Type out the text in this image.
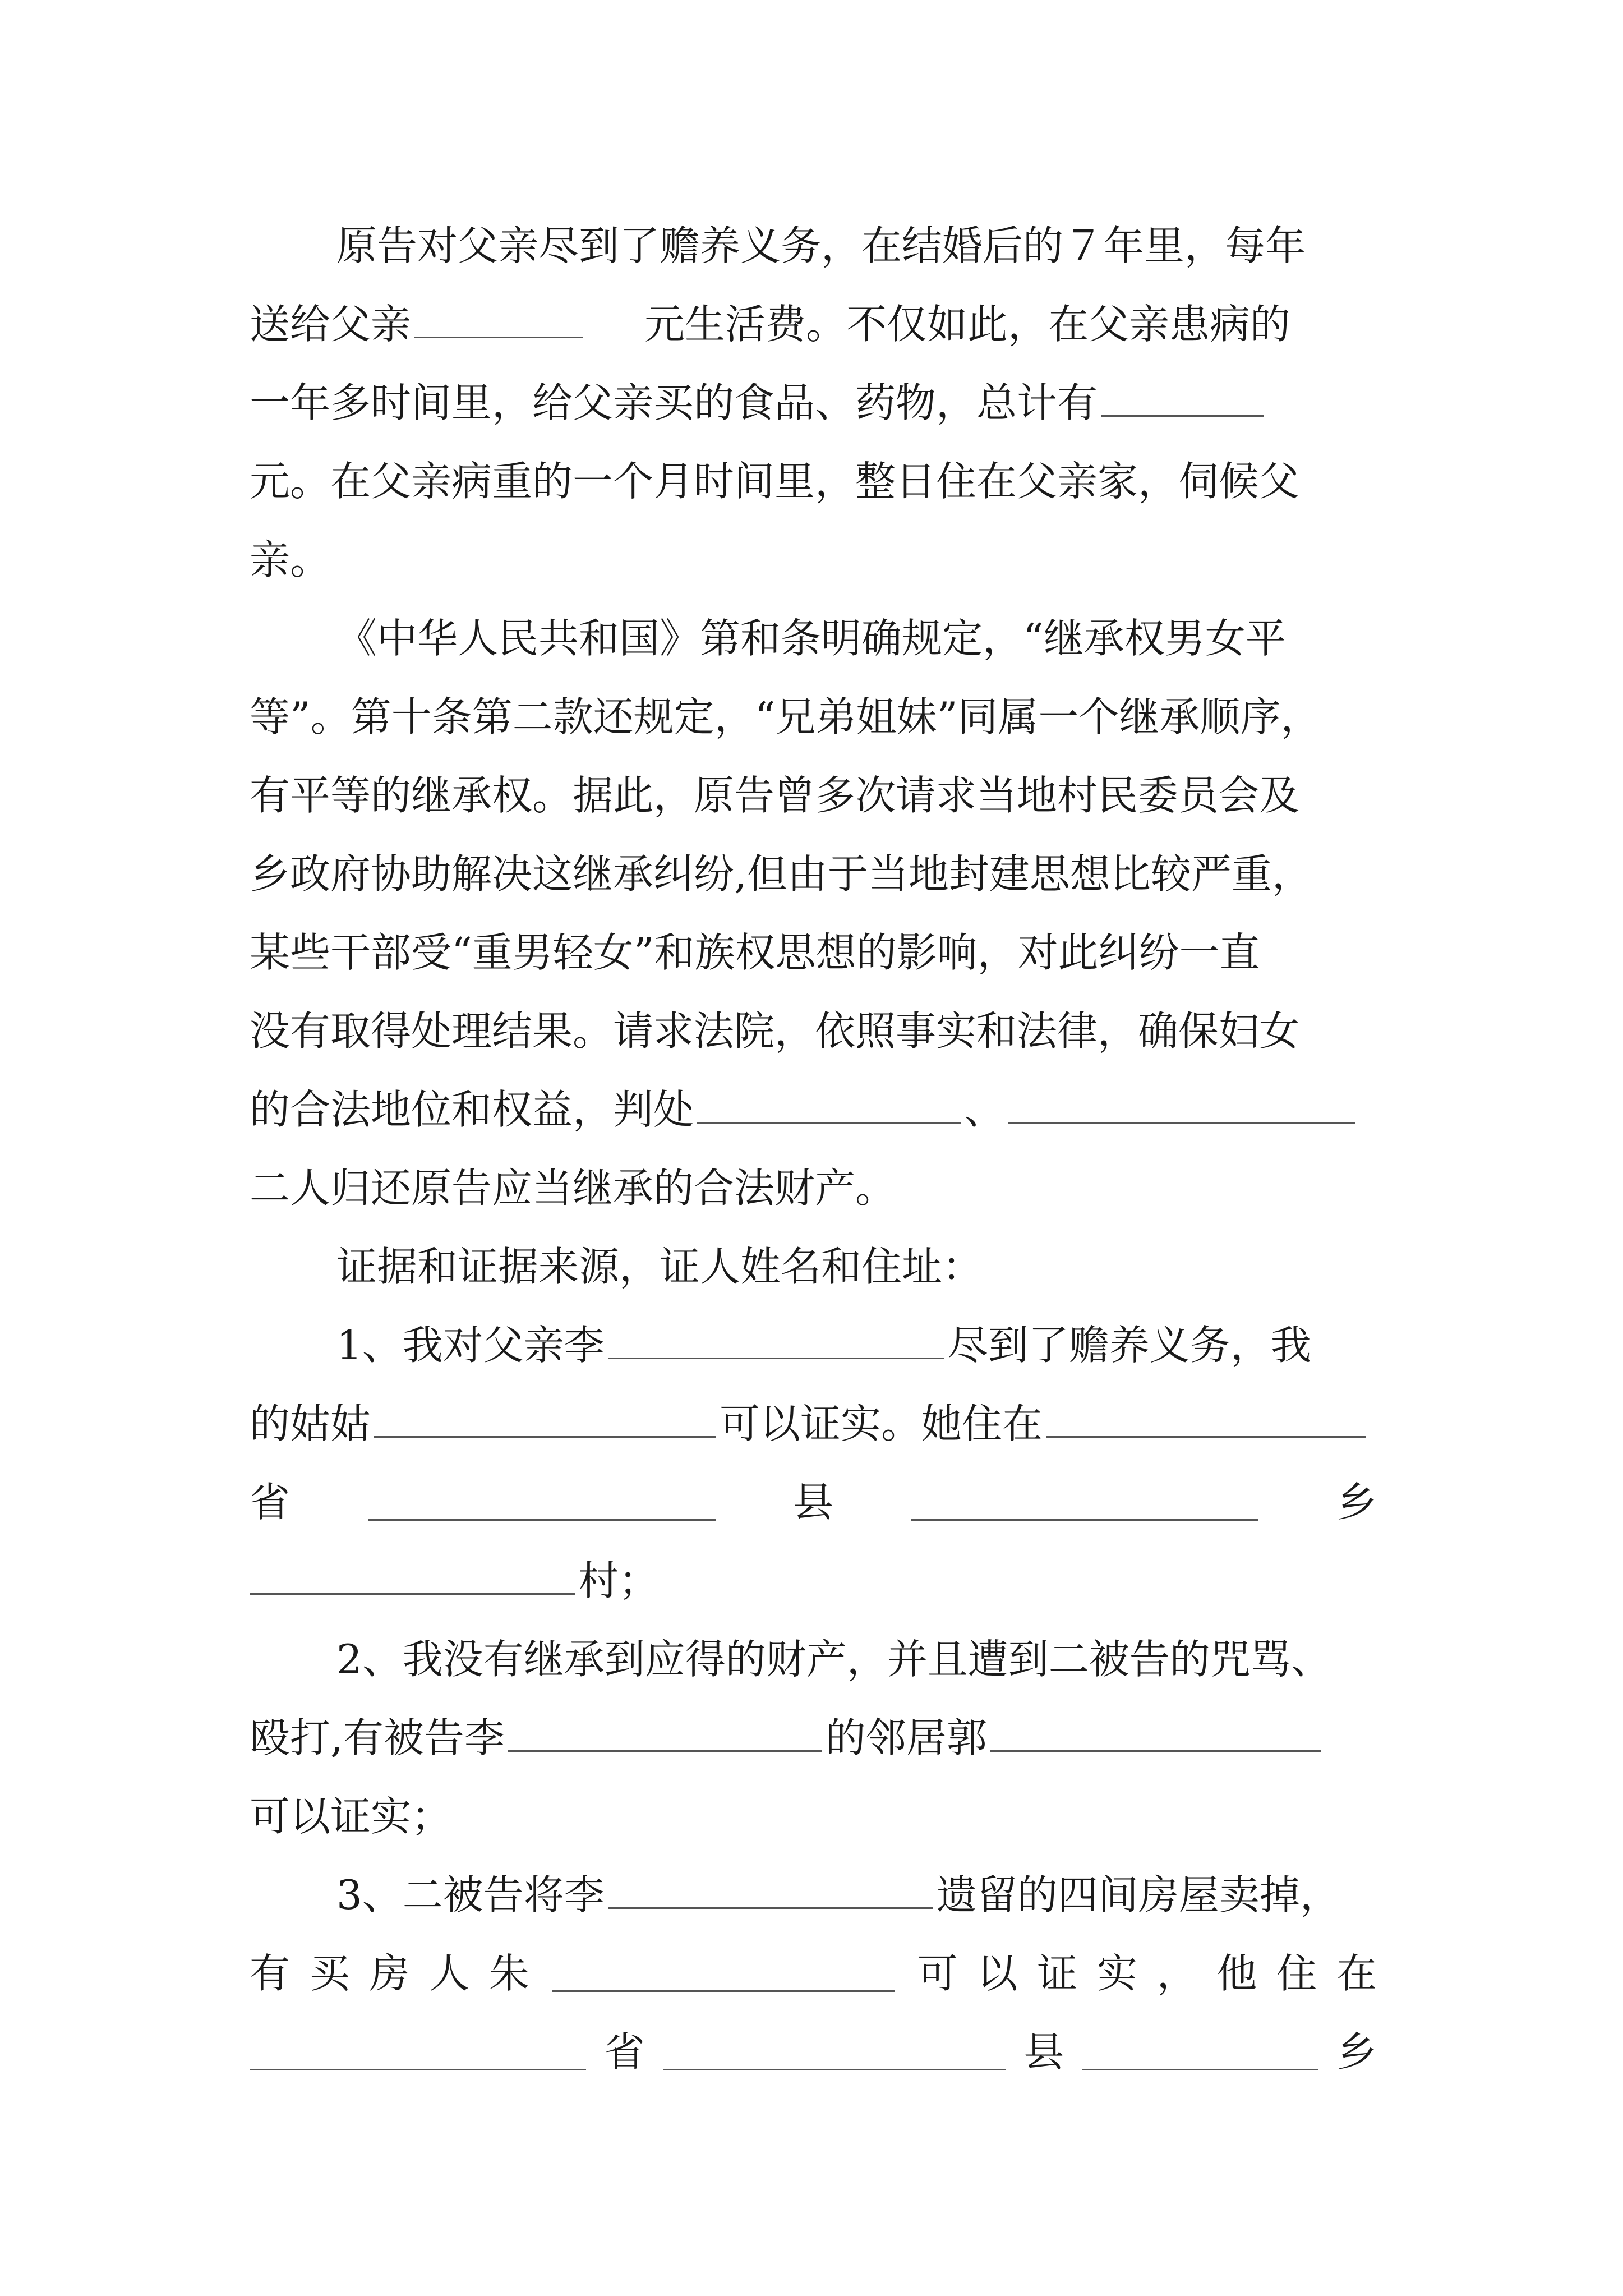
原告对父亲尽到了赡养义务，在结婚后的７年里，每年
送给父亲	元生活费。不仅如此，在父亲患病的
一年多时间里，给父亲买的食品、药物，总计有
元。在父亲病重的一个月时间里，整日住在父亲家，伺候父
亲。
《中华人民共和国》第和条明确规定，“继承权男女平
等”。第十条第二款还规定，“兄弟姐妹”同属一个继承顺序，
有平等的继承权。据此，原告曾多次请求当地村民委员会及
乡政府协助解决这继承纠纷,但由于当地封建思想比较严重，
某些干部受“重男轻女”和族权思想的影响，对此纠纷一直
没有取得处理结果。请求法院，依照事实和法律，确保妇女
的合法地位和权益，判处	、
二人归还原告应当继承的合法财产。
证据和证据来源，证人姓名和住址：
1、我对父亲李	尽到了赡养义务，我
的姑姑	可以证实。她住在
省	县	乡
村；
2、我没有继承到应得的财产，并且遭到二被告的咒骂、
殴打,有被告李	的邻居郭
可以证实；
3、二被告将李	遗留的四间房屋卖掉，
有 买 房 人 朱	可 以 证 实 ， 他 住 在
省	县	乡
